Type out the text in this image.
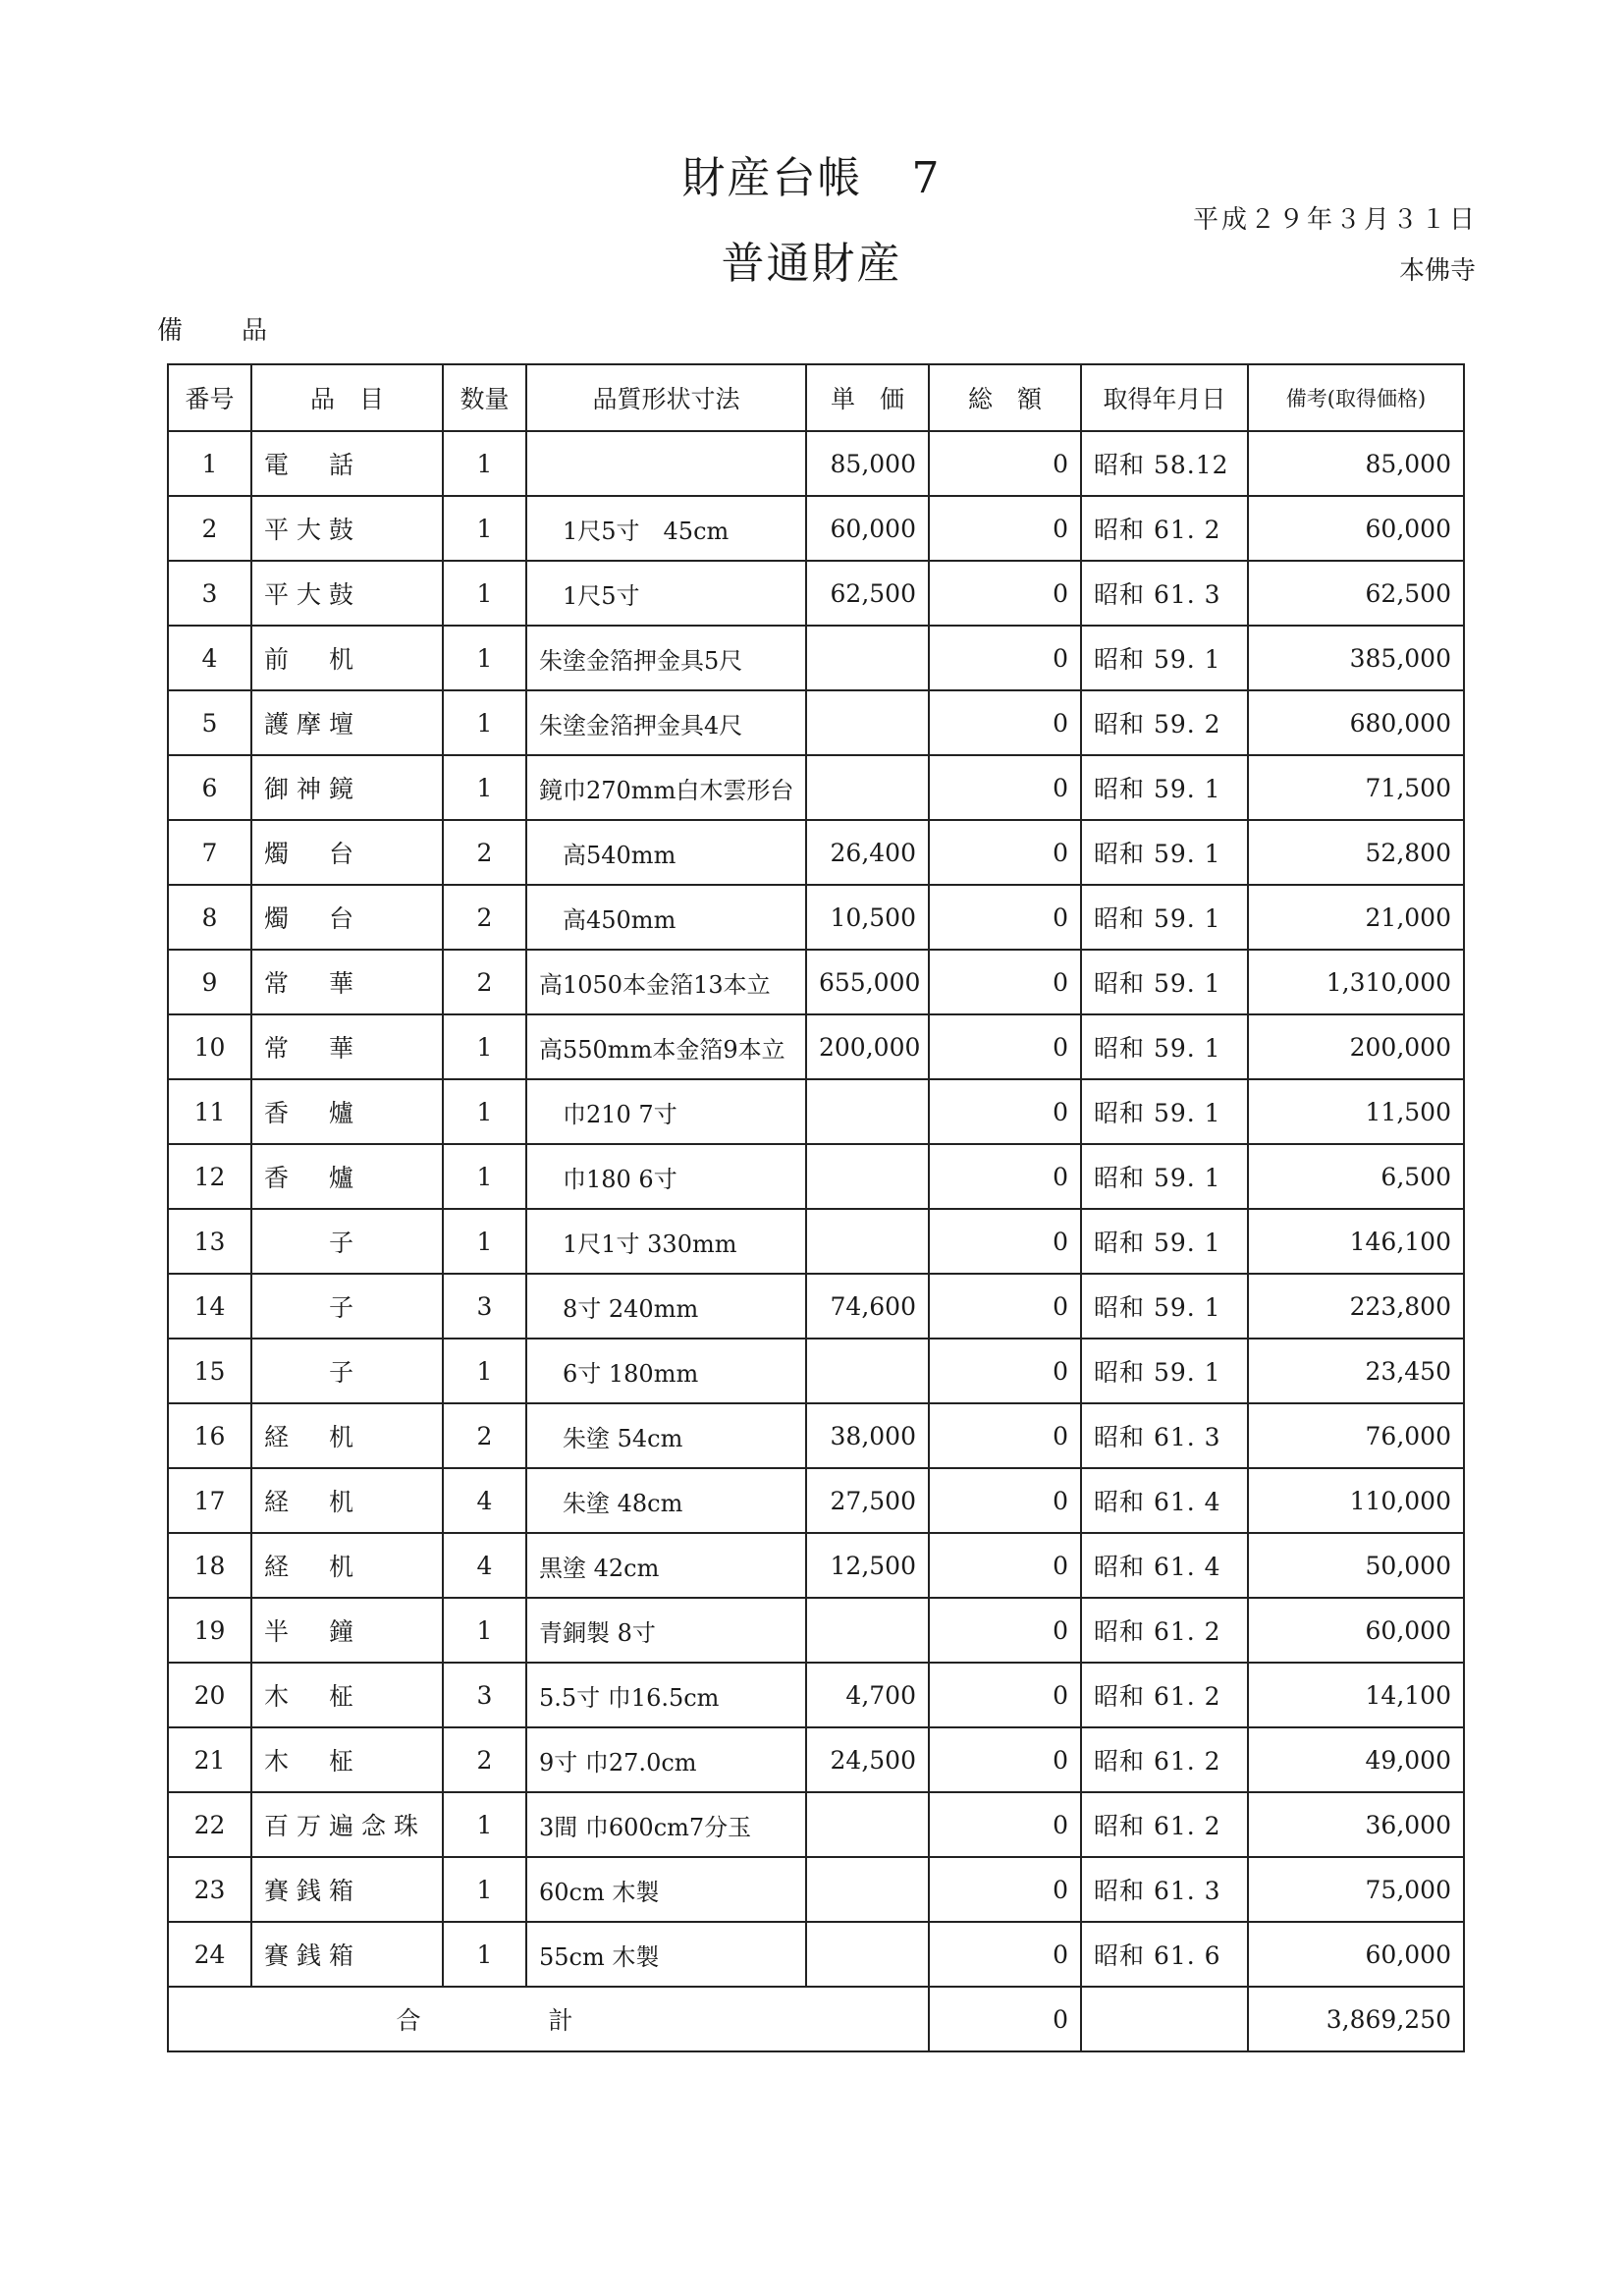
財産台帳 7
平成２９年３月３１日
普通財産	本佛寺
備品
番号	品　目	数量	品質形状寸法	単　価	総　額	取得年月日	備考(取得価格)
1	電　話	1		85,000	0	昭和 58.12	85,000
2	平大鼓	1	　1尺5寸　45cm	60,000	0	昭和 61. 2	60,000
3	平大鼓	1	　1尺5寸	62,500	0	昭和 61. 3	62,500
4	前　机	1	朱塗金箔押金具5尺		0	昭和 59. 1	385,000
5	護摩壇	1	朱塗金箔押金具4尺		0	昭和 59. 2	680,000
6	御神鏡	1	鏡巾270mm白木雲形台		0	昭和 59. 1	71,500
7	燭　台	2	　高540mm	26,400	0	昭和 59. 1	52,800
8	燭　台	2	　高450mm	10,500	0	昭和 59. 1	21,000
9	常　華	2	高1050本金箔13本立	655,000	0	昭和 59. 1	1,310,000
10	常　華	1	高550mm本金箔9本立	200,000	0	昭和 59. 1	200,000
11	香　爐	1	　巾210 7寸		0	昭和 59. 1	11,500
12	香　爐	1	　巾180 6寸		0	昭和 59. 1	6,500
13	　　子	1	　1尺1寸 330mm		0	昭和 59. 1	146,100
14	　　子	3	　8寸 240mm	74,600	0	昭和 59. 1	223,800
15	　　子	1	　6寸 180mm		0	昭和 59. 1	23,450
16	経　机	2	　朱塗 54cm	38,000	0	昭和 61. 3	76,000
17	経　机	4	　朱塗 48cm	27,500	0	昭和 61. 4	110,000
18	経　机	4	黒塗 42cm	12,500	0	昭和 61. 4	50,000
19	半　鐘	1	青銅製 8寸		0	昭和 61. 2	60,000
20	木　柾	3	5.5寸 巾16.5cm	4,700	0	昭和 61. 2	14,100
21	木　柾	2	9寸 巾27.0cm	24,500	0	昭和 61. 2	49,000
22	百万遍念珠	1	3間 巾600cm7分玉		0	昭和 61. 2	36,000
23	賽銭箱	1	60cm 木製		0	昭和 61. 3	75,000
24	賽銭箱	1	55cm 木製		0	昭和 61. 6	60,000
合計					0		3,869,250
